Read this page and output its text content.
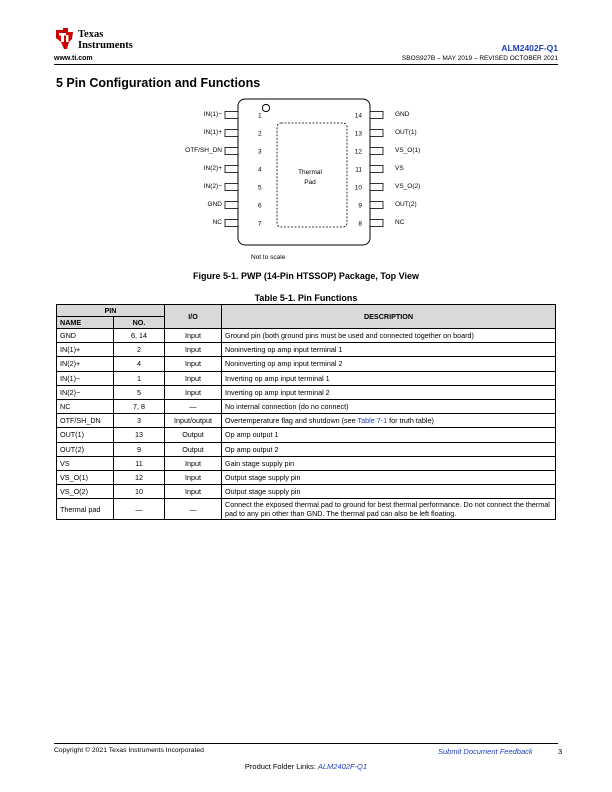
Texas
Instruments
www.ti.com
ALM2402F-Q1
SBOS927B – MAY 2019 – REVISED OCTOBER 2021
5 Pin Configuration and Functions
1
2
3
4
5
6
7
14
13
12
11
10
9
8
Thermal
Pad
Not to scale
Figure 5-1. PWP (14-Pin HTSSOP) Package, Top View
Table 5-1. Pin Functions
PIN		I/O	DESCRIPTION
NAME	NO.		
GND	6, 14	Input	Ground pin (both ground pins must be used and connected together on board)
IN(1)+	2	Input	Noninverting op amp input terminal 1
IN(2)+	4	Input	Noninverting op amp input terminal 2
IN(1)−	1	Input	Inverting op amp input terminal 1
IN(2)−	5	Input	Inverting op amp input terminal 2
NC	7, 8	—	No internal connection (do no connect)
OTF/SH_DN	3	Input/output	Overtemperature flag and shutdown (see Table 7-1 for truth table)
OUT(1)	13	Output	Op amp output 1
OUT(2)	9	Output	Op amp output 2
VS	11	Input	Gain stage supply pin
VS_O(1)	12	Input	Output stage supply pin
VS_O(2)	10	Input	Output stage supply pin
Thermal pad	—	—	Connect the exposed thermal pad to ground for best thermal performance. Do not connect the thermal pad to any pin other than GND. The thermal pad can also be left floating.
Copyright © 2021 Texas Instruments Incorporated	Submit Document Feedback	3
Product Folder Links: ALM2402F-Q1
IN(1)−
IN(1)+
OTF/SH_DN
IN(2)+
IN(2)−
GND
NC
GND
OUT(1)
VS_O(1)
VS
VS_O(2)
OUT(2)
NC
